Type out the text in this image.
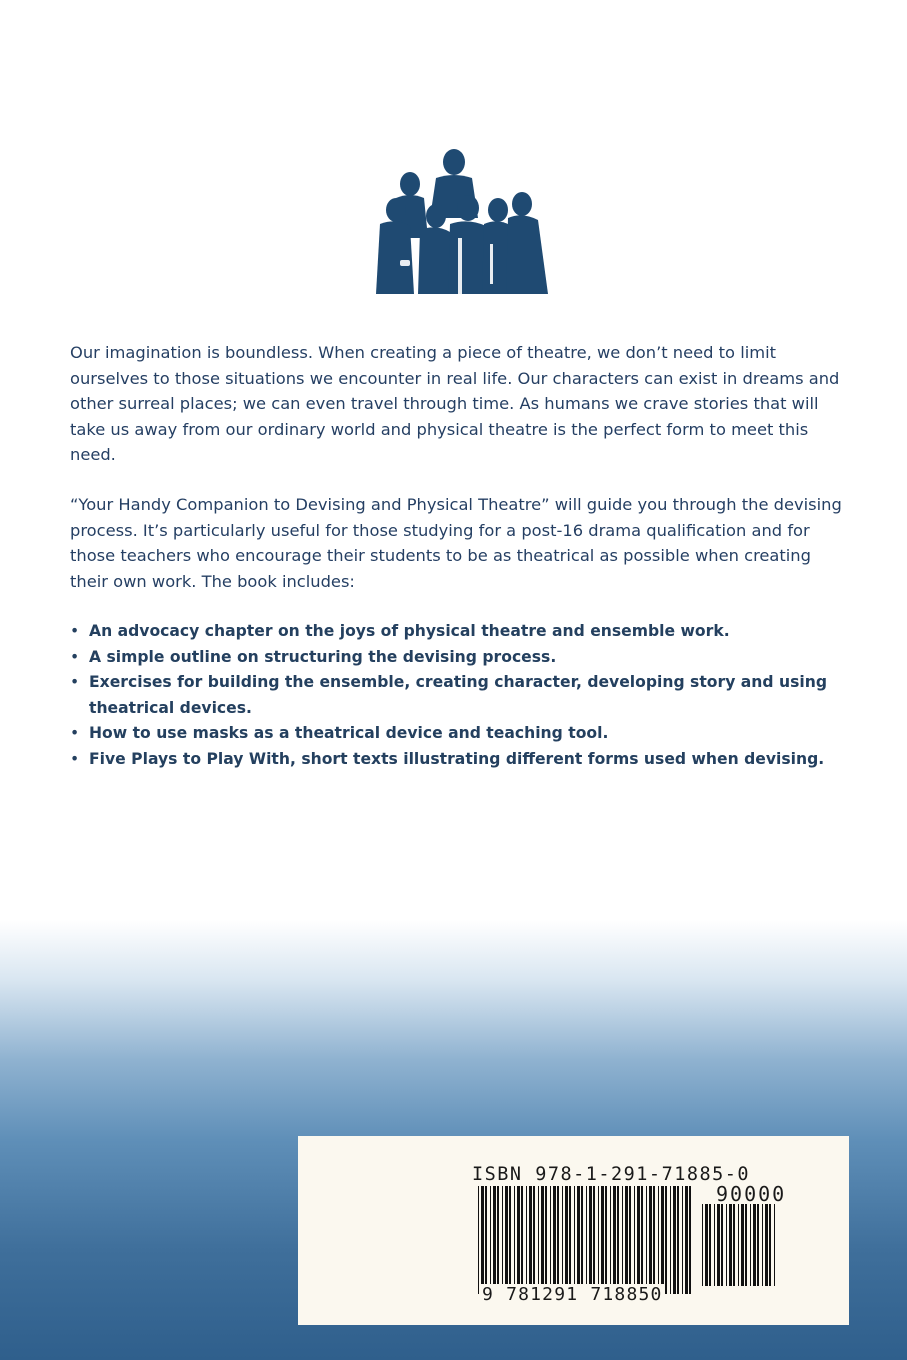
Our imagination is boundless. When creating a piece of theatre, we don’t need to limit ourselves to those situations we encounter in real life. Our characters can exist in dreams and other surreal places; we can even travel through time. As humans we crave stories that will take us away from our ordinary world and physical theatre is the perfect form to meet this need.
“Your Handy Companion to Devising and Physical Theatre” will guide you through the devising process. It’s particularly useful for those studying for a post-16 drama qualification and for those teachers who encourage their students to be as theatrical as possible when creating their own work. The book includes:
• An advocacy chapter on the joys of physical theatre and ensemble work.
• A simple outline on structuring the devising process.
• Exercises for building the ensemble, creating character, developing story and using theatrical devices.
• How to use masks as a theatrical device and teaching tool.
• Five Plays to Play With, short texts illustrating different forms used when devising.
ISBN 978-1-291-71885-0
90000
9 781291 718850
